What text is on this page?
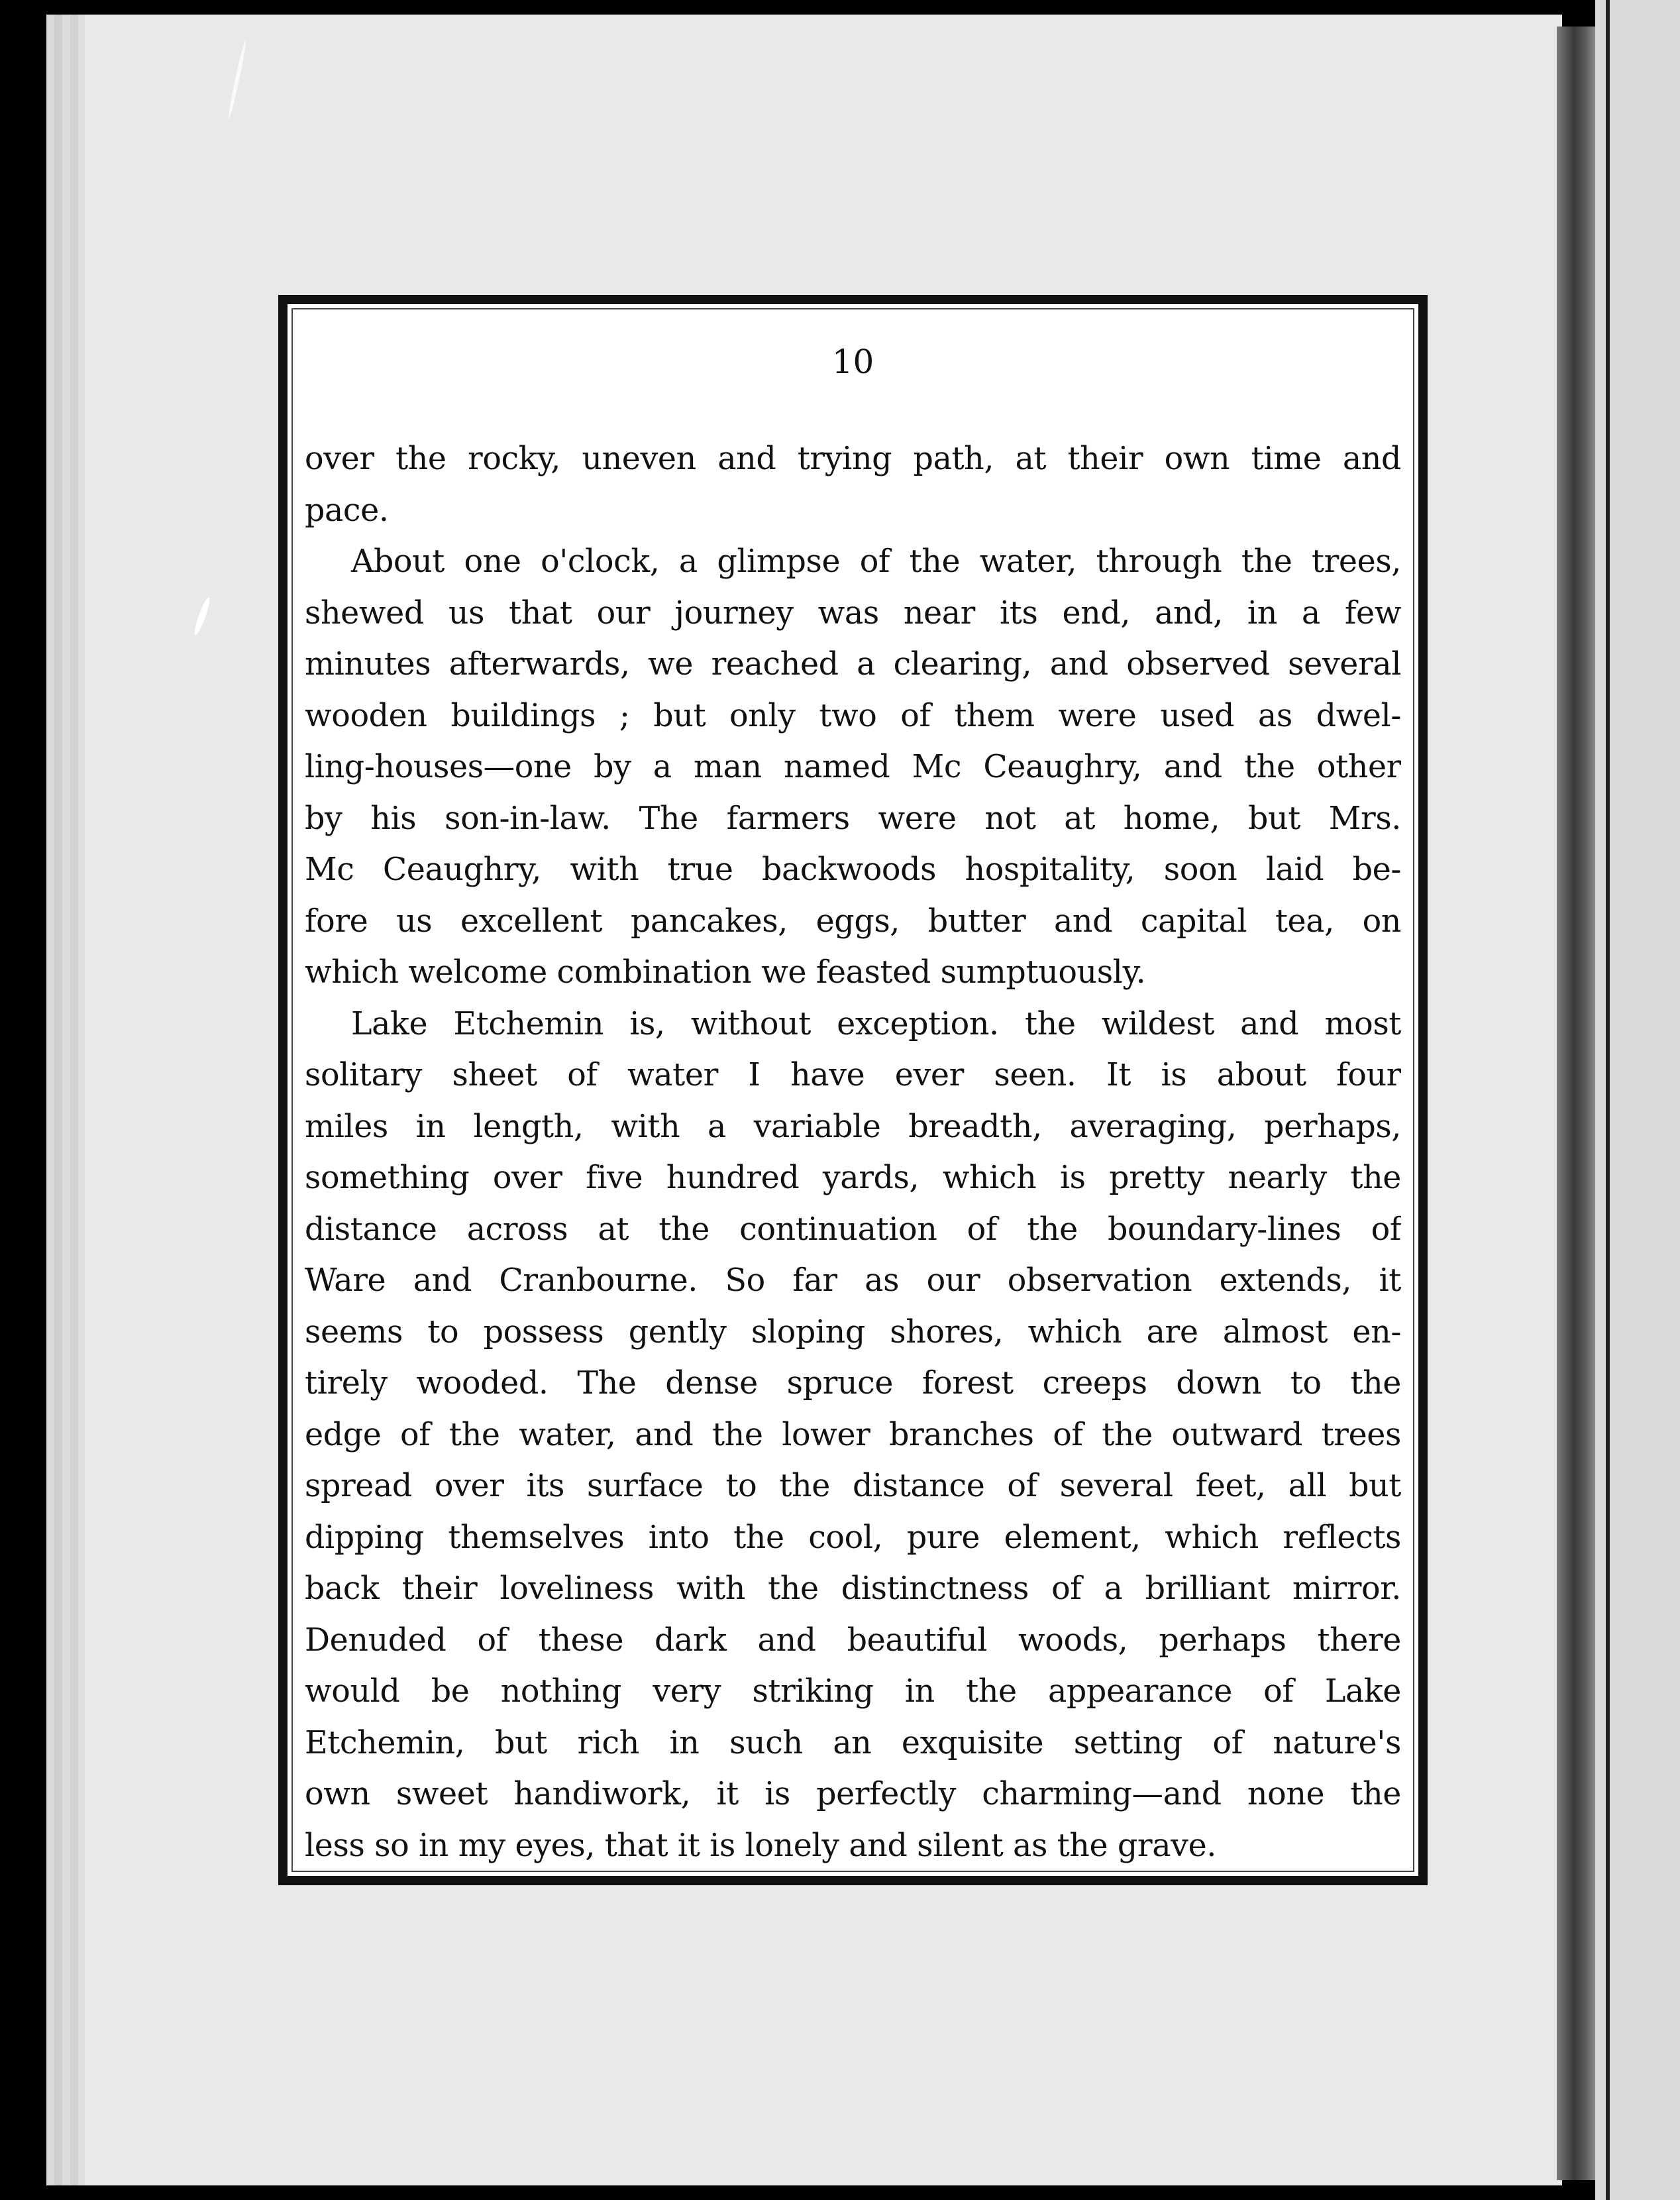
10
over the rocky, uneven and trying path, at their own time and
pace.
About one o'clock, a glimpse of the water, through the trees,
shewed us that our journey was near its end, and, in a few
minutes afterwards, we reached a clearing, and observed several
wooden buildings ; but only two of them were used as dwel-
ling-houses—one by a man named Mc Ceaughry, and the other
by his son-in-law. The farmers were not at home, but Mrs.
Mc Ceaughry, with true backwoods hospitality, soon laid be-
fore us excellent pancakes, eggs, butter and capital tea, on
which welcome combination we feasted sumptuously.
Lake Etchemin is, without exception. the wildest and most
solitary sheet of water I have ever seen. It is about four
miles in length, with a variable breadth, averaging, perhaps,
something over five hundred yards, which is pretty nearly the
distance across at the continuation of the boundary-lines of
Ware and Cranbourne. So far as our observation extends, it
seems to possess gently sloping shores, which are almost en-
tirely wooded. The dense spruce forest creeps down to the
edge of the water, and the lower branches of the outward trees
spread over its surface to the distance of several feet, all but
dipping themselves into the cool, pure element, which reflects
back their loveliness with the distinctness of a brilliant mirror.
Denuded of these dark and beautiful woods, perhaps there
would be nothing very striking in the appearance of Lake
Etchemin, but rich in such an exquisite setting of nature's
own sweet handiwork, it is perfectly charming—and none the
less so in my eyes, that it is lonely and silent as the grave.
